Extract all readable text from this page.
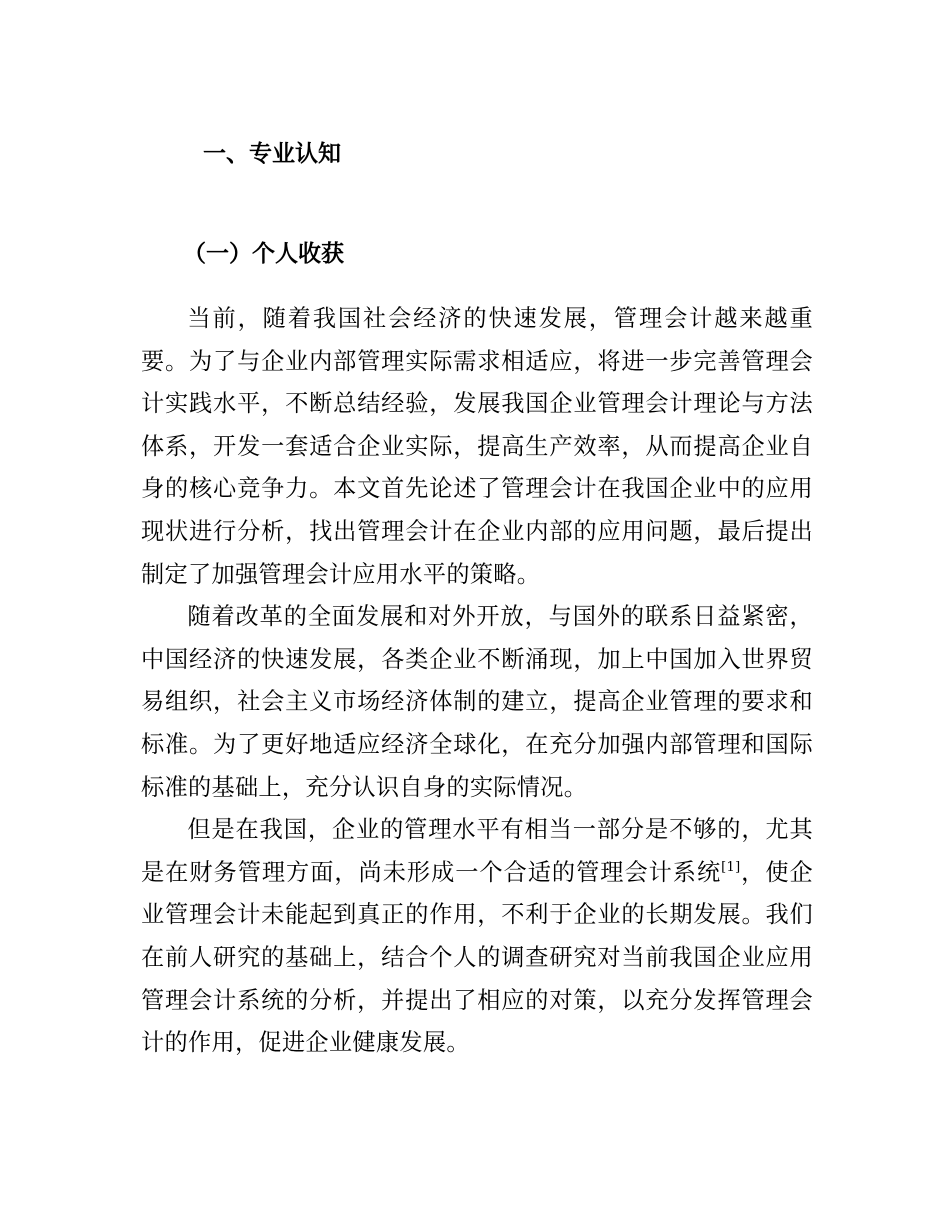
一、专业认知
（一）个人收获

当前，随着我国社会经济的快速发展，管理会计越来越重要。为了与企业内部管理实际需求相适应，将进一步完善管理会计实践水平，不断总结经验，发展我国企业管理会计理论与方法体系，开发一套适合企业实际，提高生产效率，从而提高企业自身的核心竞争力。本文首先论述了管理会计在我国企业中的应用现状进行分析，找出管理会计在企业内部的应用问题，最后提出制定了加强管理会计应用水平的策略。

随着改革的全面发展和对外开放，与国外的联系日益紧密，中国经济的快速发展，各类企业不断涌现，加上中国加入世界贸易组织，社会主义市场经济体制的建立，提高企业管理的要求和标准。为了更好地适应经济全球化，在充分加强内部管理和国际标准的基础上，充分认识自身的实际情况。

但是在我国，企业的管理水平有相当一部分是不够的，尤其是在财务管理方面，尚未形成一个合适的管理会计系统[1]，使企业管理会计未能起到真正的作用，不利于企业的长期发展。我们在前人研究的基础上，结合个人的调查研究对当前我国企业应用管理会计系统的分析，并提出了相应的对策，以充分发挥管理会计的作用，促进企业健康发展。
